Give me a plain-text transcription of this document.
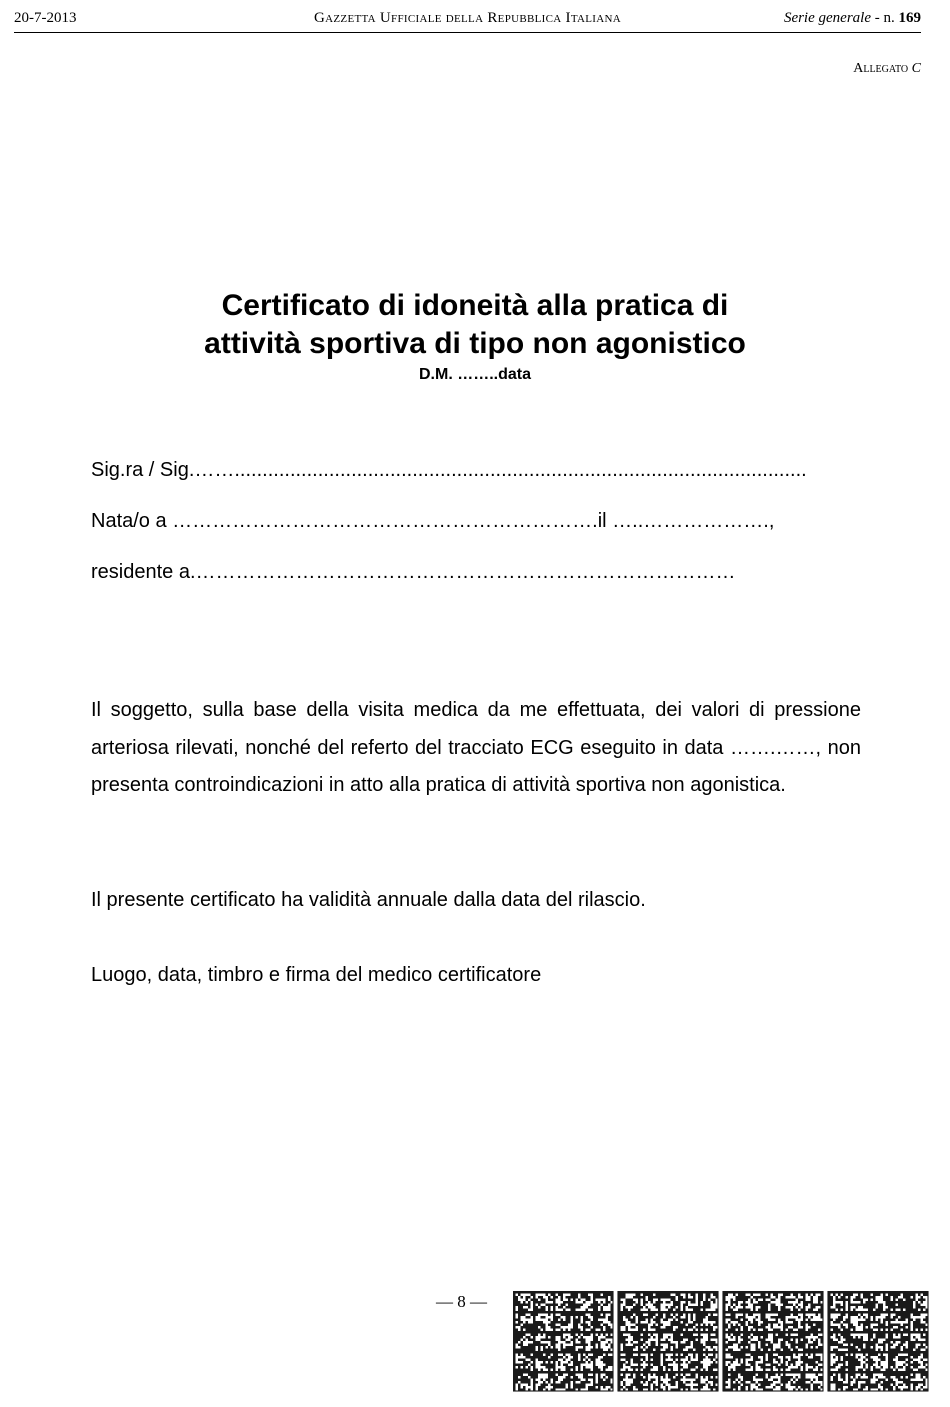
20-7-2013	Gazzetta Ufficiale della Repubblica Italiana	Serie generale - n. 169
Allegato C
Certificato di idoneità alla pratica di
attività sportiva di tipo non agonistico
D.M. ……..data
Sig.ra / Sig.…….......................................................................................................
Nata/o a ……………………………………………………….il …..……………….,
residente a.………………………………………………………………………

Il soggetto, sulla base della visita medica da me effettuata, dei valori di pressione arteriosa rilevati, nonché del referto del tracciato ECG eseguito in data …….……, non presenta controindicazioni in atto alla pratica di attività sportiva non agonistica.

Il presente certificato ha validità annuale dalla data del rilascio.
Luogo, data, timbro e firma del medico certificatore
— 8 —
